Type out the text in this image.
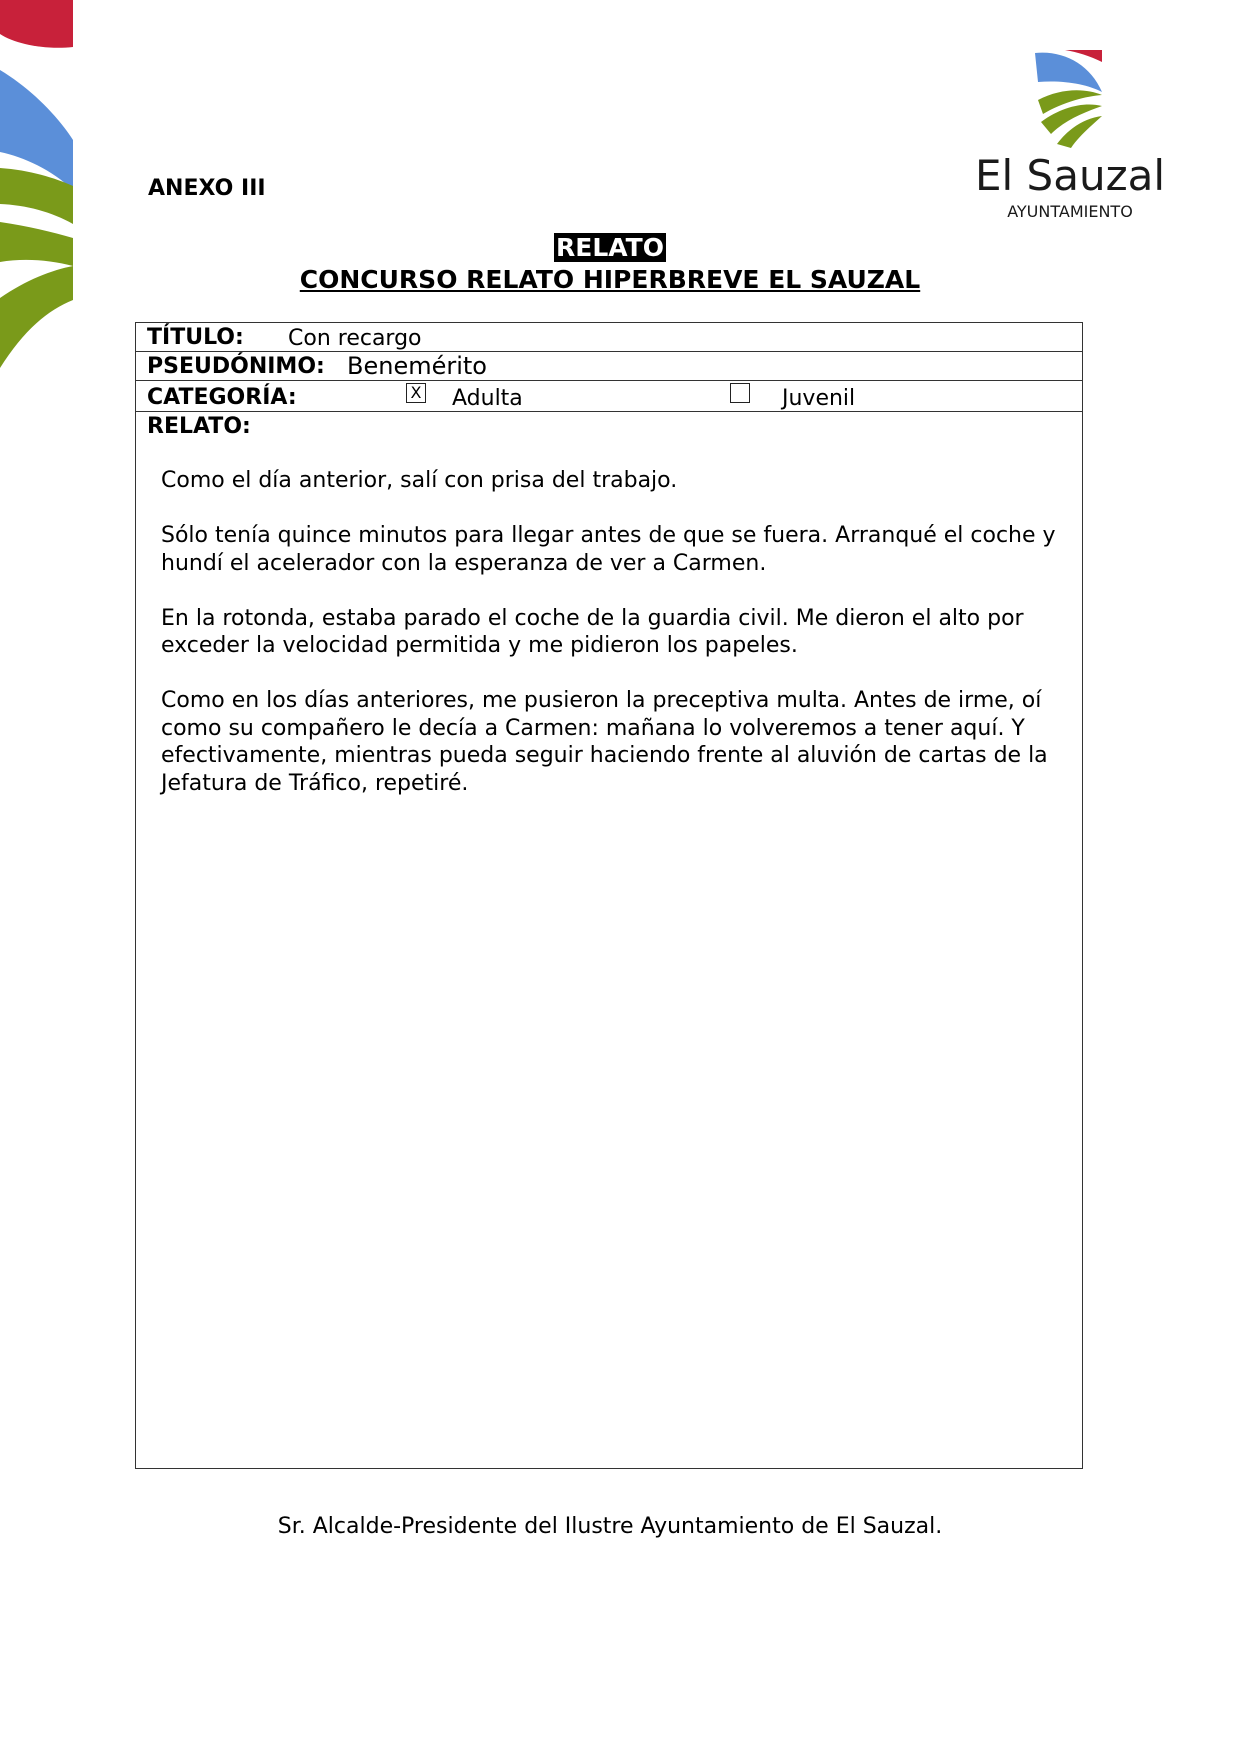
El Sauzal
AYUNTAMIENTO
ANEXO III
RELATO
CONCURSO RELATO HIPERBREVE EL SAUZAL
TÍTULO: Con recargo
PSEUDÓNIMO: Benemérito
CATEGORÍA:	X Adulta	Juvenil
RELATO:

Como el día anterior, salí con prisa del trabajo.

Sólo tenía quince minutos para llegar antes de que se fuera. Arranqué el coche y hundí el acelerador con la esperanza de ver a Carmen.

En la rotonda, estaba parado el coche de la guardia civil. Me dieron el alto por exceder la velocidad permitida y me pidieron los papeles.

Como en los días anteriores, me pusieron la preceptiva multa. Antes de irme, oí como su compañero le decía a Carmen: mañana lo volveremos a tener aquí. Y efectivamente, mientras pueda seguir haciendo frente al aluvión de cartas de la Jefatura de Tráfico, repetiré.

Sr. Alcalde-Presidente del Ilustre Ayuntamiento de El Sauzal.
